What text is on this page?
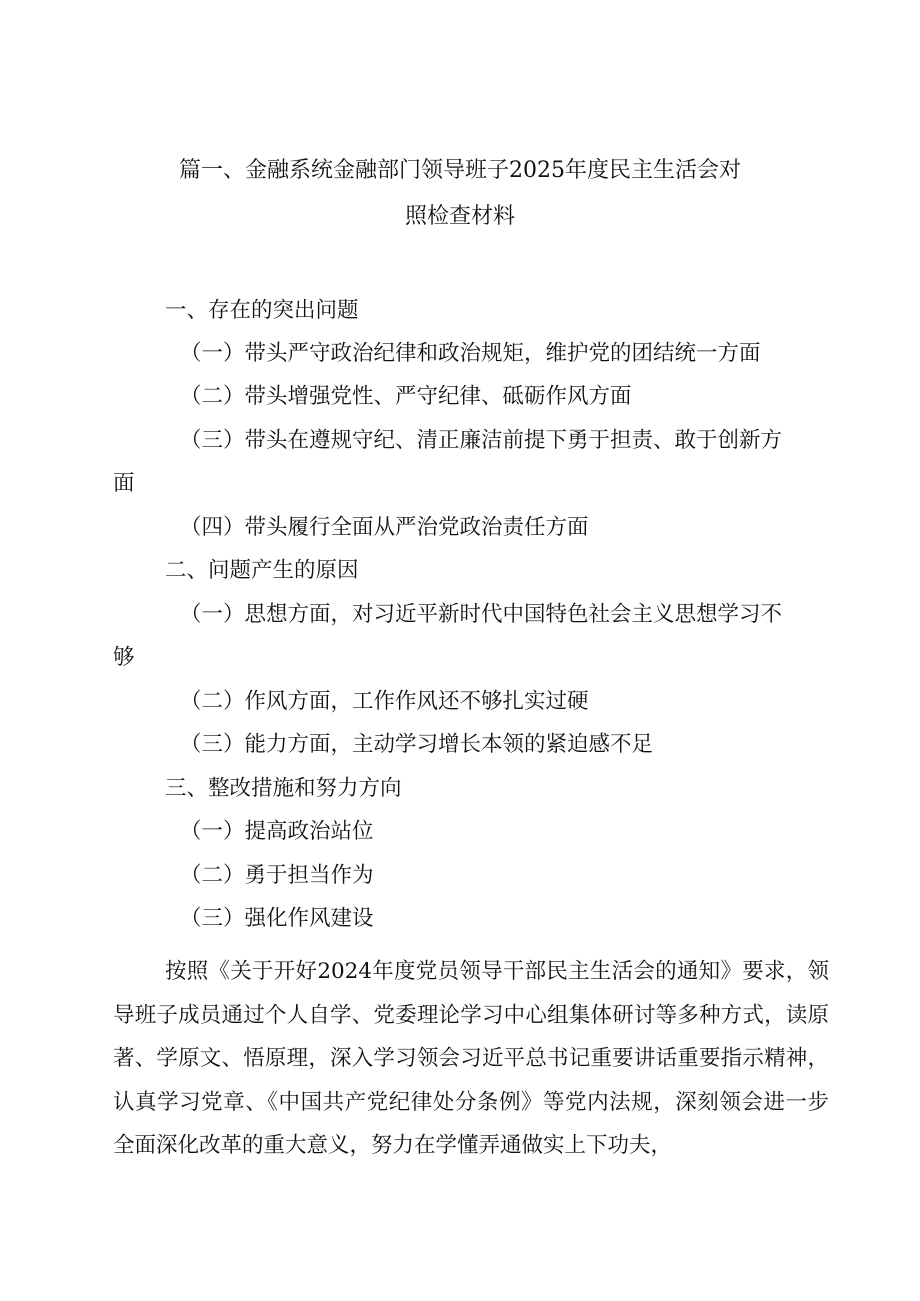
篇一、金融系统金融部门领导班子2025年度民主生活会对
照检查材料
一、存在的突出问题
（一）带头严守政治纪律和政治规矩，维护党的团结统一方面
（二）带头增强党性、严守纪律、砥砺作风方面
（三）带头在遵规守纪、清正廉洁前提下勇于担责、敢于创新方
面
（四）带头履行全面从严治党政治责任方面
二、问题产生的原因
（一）思想方面，对习近平新时代中国特色社会主义思想学习不
够
（二）作风方面，工作作风还不够扎实过硬
（三）能力方面，主动学习增长本领的紧迫感不足
三、整改措施和努力方向
（一）提高政治站位
（二）勇于担当作为
（三）强化作风建设
按照《关于开好2024年度党员领导干部民主生活会的通知》要求，领导班子成员通过个人自学、党委理论学习中心组集体研讨等多种方式，读原著、学原文、悟原理，深入学习领会习近平总书记重要讲话重要指示精神，认真学习党章、《中国共产党纪律处分条例》等党内法规，深刻领会进一步全面深化改革的重大意义，努力在学懂弄通做实上下功夫，
